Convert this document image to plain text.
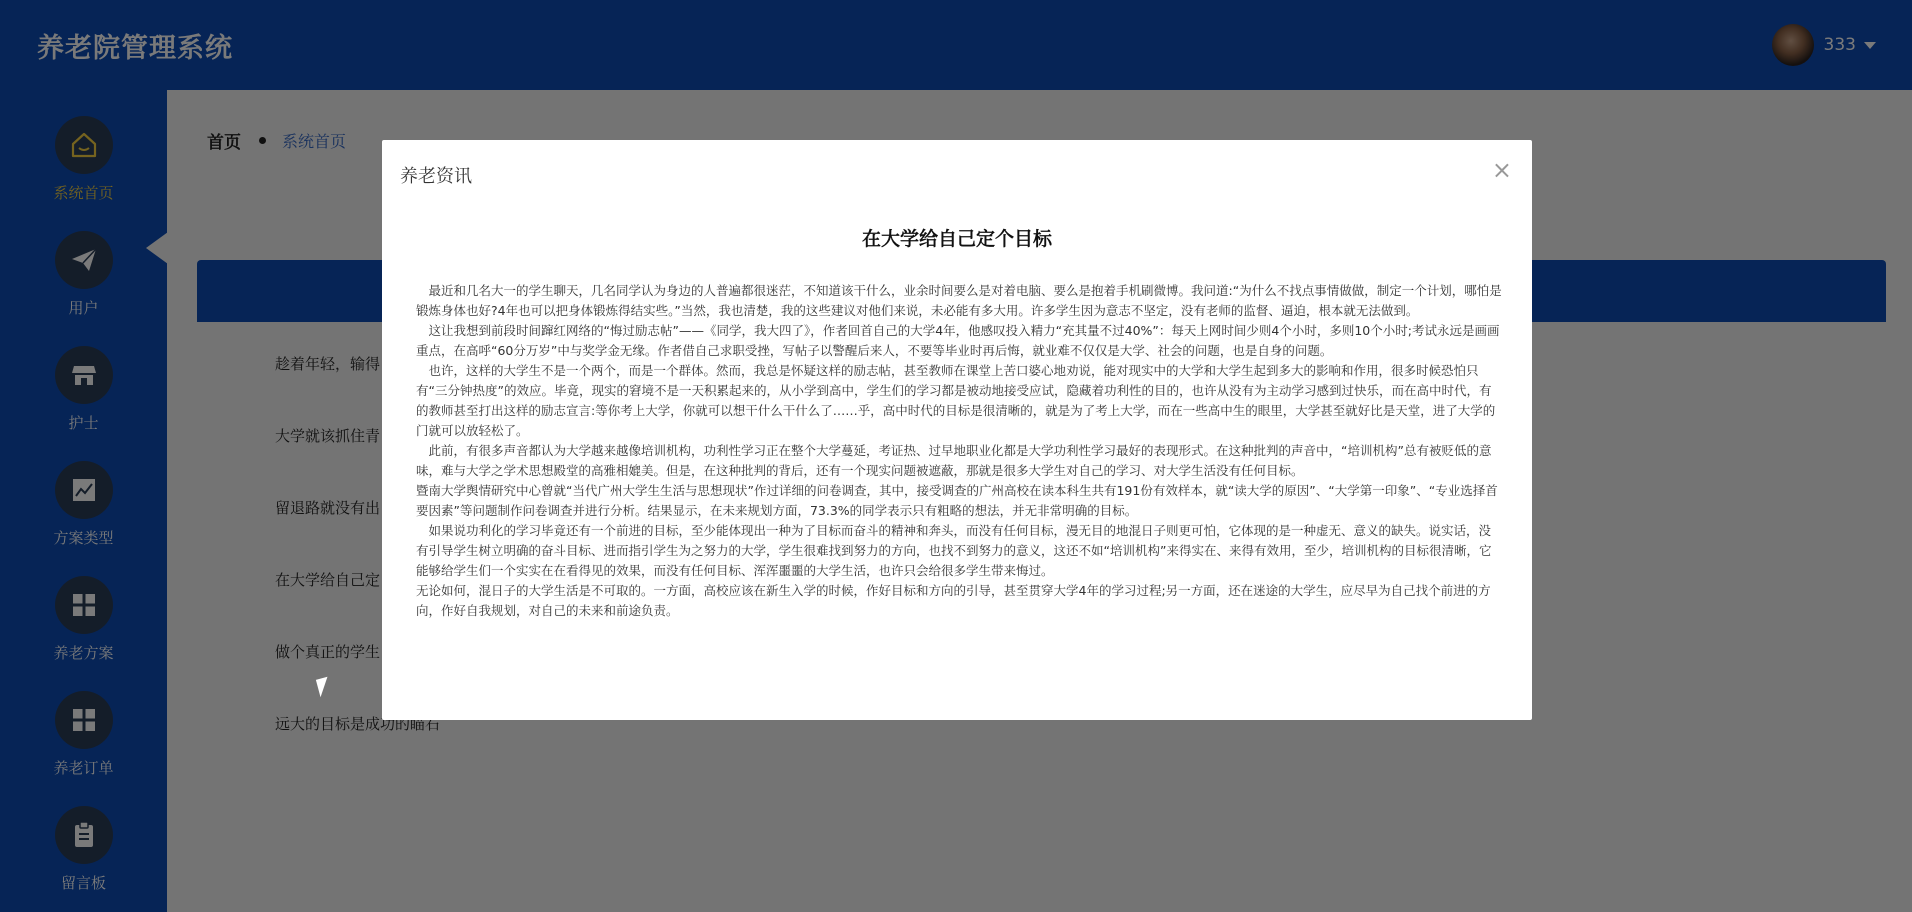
养老资讯	×
在大学给自己定个目标

　最近和几名大一的学生聊天，几名同学认为身边的人普遍都很迷茫，不知道该干什么，业余时间要么是对着电脑、要么是抱着手机刷微博。我问道:“为什么不找点事情做做，制定一个计划，哪怕是锻炼身体也好?4年也可以把身体锻炼得结实些。”当然，我也清楚，我的这些建议对他们来说，未必能有多大用。许多学生因为意志不坚定，没有老师的监督、逼迫，根本就无法做到。

　这让我想到前段时间蹿红网络的“悔过励志帖”——《同学，我大四了》，作者回首自己的大学4年，他感叹投入精力“充其量不过40%”：每天上网时间少则4个小时，多则10个小时;考试永远是画画重点，在高呼“60分万岁”中与奖学金无缘。作者借自己求职受挫，写帖子以警醒后来人，不要等毕业时再后悔，就业难不仅仅是大学、社会的问题，也是自身的问题。

　也许，这样的大学生不是一个两个，而是一个群体。然而，我总是怀疑这样的励志帖，甚至教师在课堂上苦口婆心地劝说，能对现实中的大学和大学生起到多大的影响和作用，很多时候恐怕只有“三分钟热度”的效应。毕竟，现实的窘境不是一天积累起来的，从小学到高中，学生们的学习都是被动地接受应试，隐藏着功利性的目的，也许从没有为主动学习感到过快乐，而在高中时代，有的教师甚至打出这样的励志宣言:等你考上大学，你就可以想干什么干什么了……乎，高中时代的目标是很清晰的，就是为了考上大学，而在一些高中生的眼里，大学甚至就好比是天堂，进了大学的门就可以放轻松了。

　此前，有很多声音都认为大学越来越像培训机构，功利性学习正在整个大学蔓延，考证热、过早地职业化都是大学功利性学习最好的表现形式。在这种批判的声音中，“培训机构”总有被贬低的意味，难与大学之学术思想殿堂的高雅相媲美。但是，在这种批判的背后，还有一个现实问题被遮蔽，那就是很多大学生对自己的学习、对大学生活没有任何目标。

暨南大学舆情研究中心曾就“当代广州大学生生活与思想现状”作过详细的问卷调查，其中，接受调查的广州高校在读本科生共有191份有效样本，就“读大学的原因”、“大学第一印象”、“专业选择首要因素”等问题制作问卷调查并进行分析。结果显示，在未来规划方面，73.3%的同学表示只有粗略的想法，并无非常明确的目标。

　如果说功利化的学习毕竟还有一个前进的目标，至少能体现出一种为了目标而奋斗的精神和奔头，而没有任何目标，漫无目的地混日子则更可怕，它体现的是一种虚无、意义的缺失。说实话，没有引导学生树立明确的奋斗目标、进而指引学生为之努力的大学，学生很难找到努力的方向，也找不到努力的意义，这还不如“培训机构”来得实在、来得有效用，至少，培训机构的目标很清晰，它能够给学生们一个实实在在看得见的效果，而没有任何目标、浑浑噩噩的大学生活，也许只会给很多学生带来悔过。

无论如何，混日子的大学生活是不可取的。一方面，高校应该在新生入学的时候，作好目标和方向的引导，甚至贯穿大学4年的学习过程;另一方面，还在迷途的大学生，应尽早为自己找个前进的方向，作好自我规划，对自己的未来和前途负责。
